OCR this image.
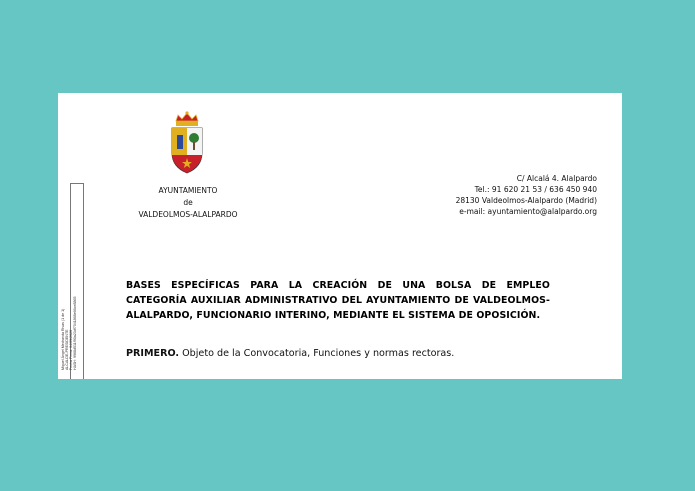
AYUNTAMIENTO
de
VALDEOLMOS-ALALPARDO
C/ Alcalá 4. Alalpardo
Tel.: 91 620 21 53 / 636 450 940
28130 Valdeolmos-Alalpardo (Madrid)
e-mail: ayuntamiento@alalpardo.org
Miguel Ángel Medranda Rivas (1 de 1) ALCALDE-PRESIDENTE Fecha Firma: 04/09/2020 HASH: 9968d511f90a23df7041868e66ce8865
BASES ESPECÍFICAS PARA LA CREACIÓN DE UNA BOLSA DE EMPLEO CATEGORÍA AUXILIAR ADMINISTRATIVO DEL AYUNTAMIENTO DE VALDEOLMOS-ALALPARDO, FUNCIONARIO INTERINO, MEDIANTE EL SISTEMA DE OPOSICIÓN.
PRIMERO. Objeto de la Convocatoria, Funciones y normas rectoras.
